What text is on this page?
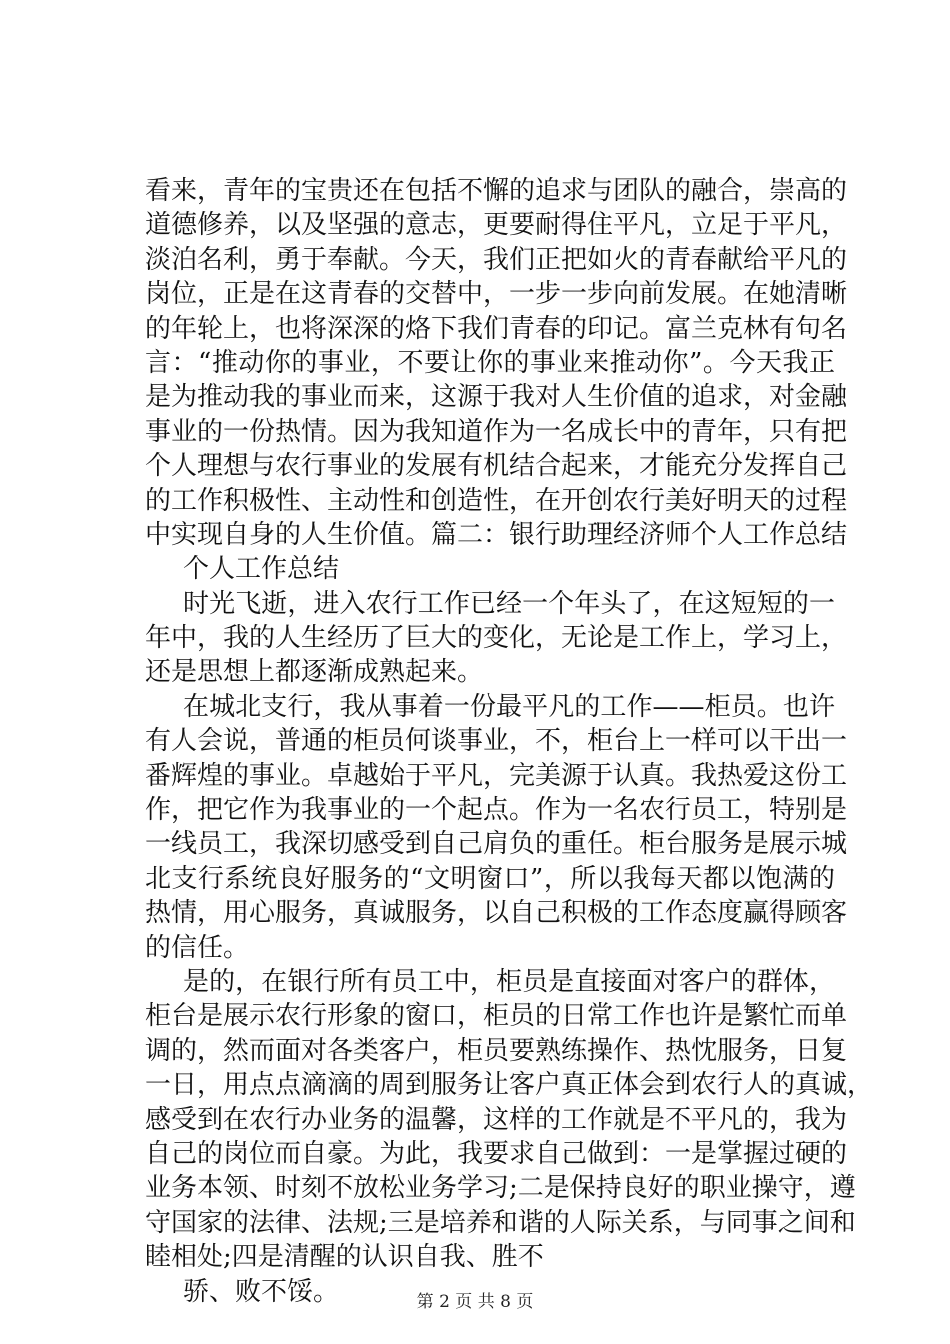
看来，青年的宝贵还在包括不懈的追求与团队的融合，崇高的
道德修养，以及坚强的意志，更要耐得住平凡，立足于平凡，
淡泊名利，勇于奉献。今天，我们正把如火的青春献给平凡的
岗位，正是在这青春的交替中，一步一步向前发展。在她清晰
的年轮上，也将深深的烙下我们青春的印记。富兰克林有句名
言：“推动你的事业，不要让你的事业来推动你”。今天我正
是为推动我的事业而来，这源于我对人生价值的追求，对金融
事业的一份热情。因为我知道作为一名成长中的青年，只有把
个人理想与农行事业的发展有机结合起来，才能充分发挥自己
的工作积极性、主动性和创造性，在开创农行美好明天的过程
中实现自身的人生价值。篇二：银行助理经济师个人工作总结
个人工作总结
时光飞逝，进入农行工作已经一个年头了，在这短短的一
年中，我的人生经历了巨大的变化，无论是工作上，学习上，
还是思想上都逐渐成熟起来。
在城北支行，我从事着一份最平凡的工作——柜员。也许
有人会说，普通的柜员何谈事业，不，柜台上一样可以干出一
番辉煌的事业。卓越始于平凡，完美源于认真。我热爱这份工
作，把它作为我事业的一个起点。作为一名农行员工，特别是
一线员工，我深切感受到自己肩负的重任。柜台服务是展示城
北支行系统良好服务的“文明窗口”，所以我每天都以饱满的
热情，用心服务，真诚服务，以自己积极的工作态度赢得顾客
的信任。
是的，在银行所有员工中，柜员是直接面对客户的群体，
柜台是展示农行形象的窗口，柜员的日常工作也许是繁忙而单
调的，然而面对各类客户，柜员要熟练操作、热忱服务，日复
一日，用点点滴滴的周到服务让客户真正体会到农行人的真诚，
感受到在农行办业务的温馨，这样的工作就是不平凡的，我为
自己的岗位而自豪。为此，我要求自己做到：一是掌握过硬的
业务本领、时刻不放松业务学习;二是保持良好的职业操守，遵
守国家的法律、法规;三是培养和谐的人际关系，与同事之间和
睦相处;四是清醒的认识自我、胜不
骄、败不馁。	第 2 页 共 8 页
